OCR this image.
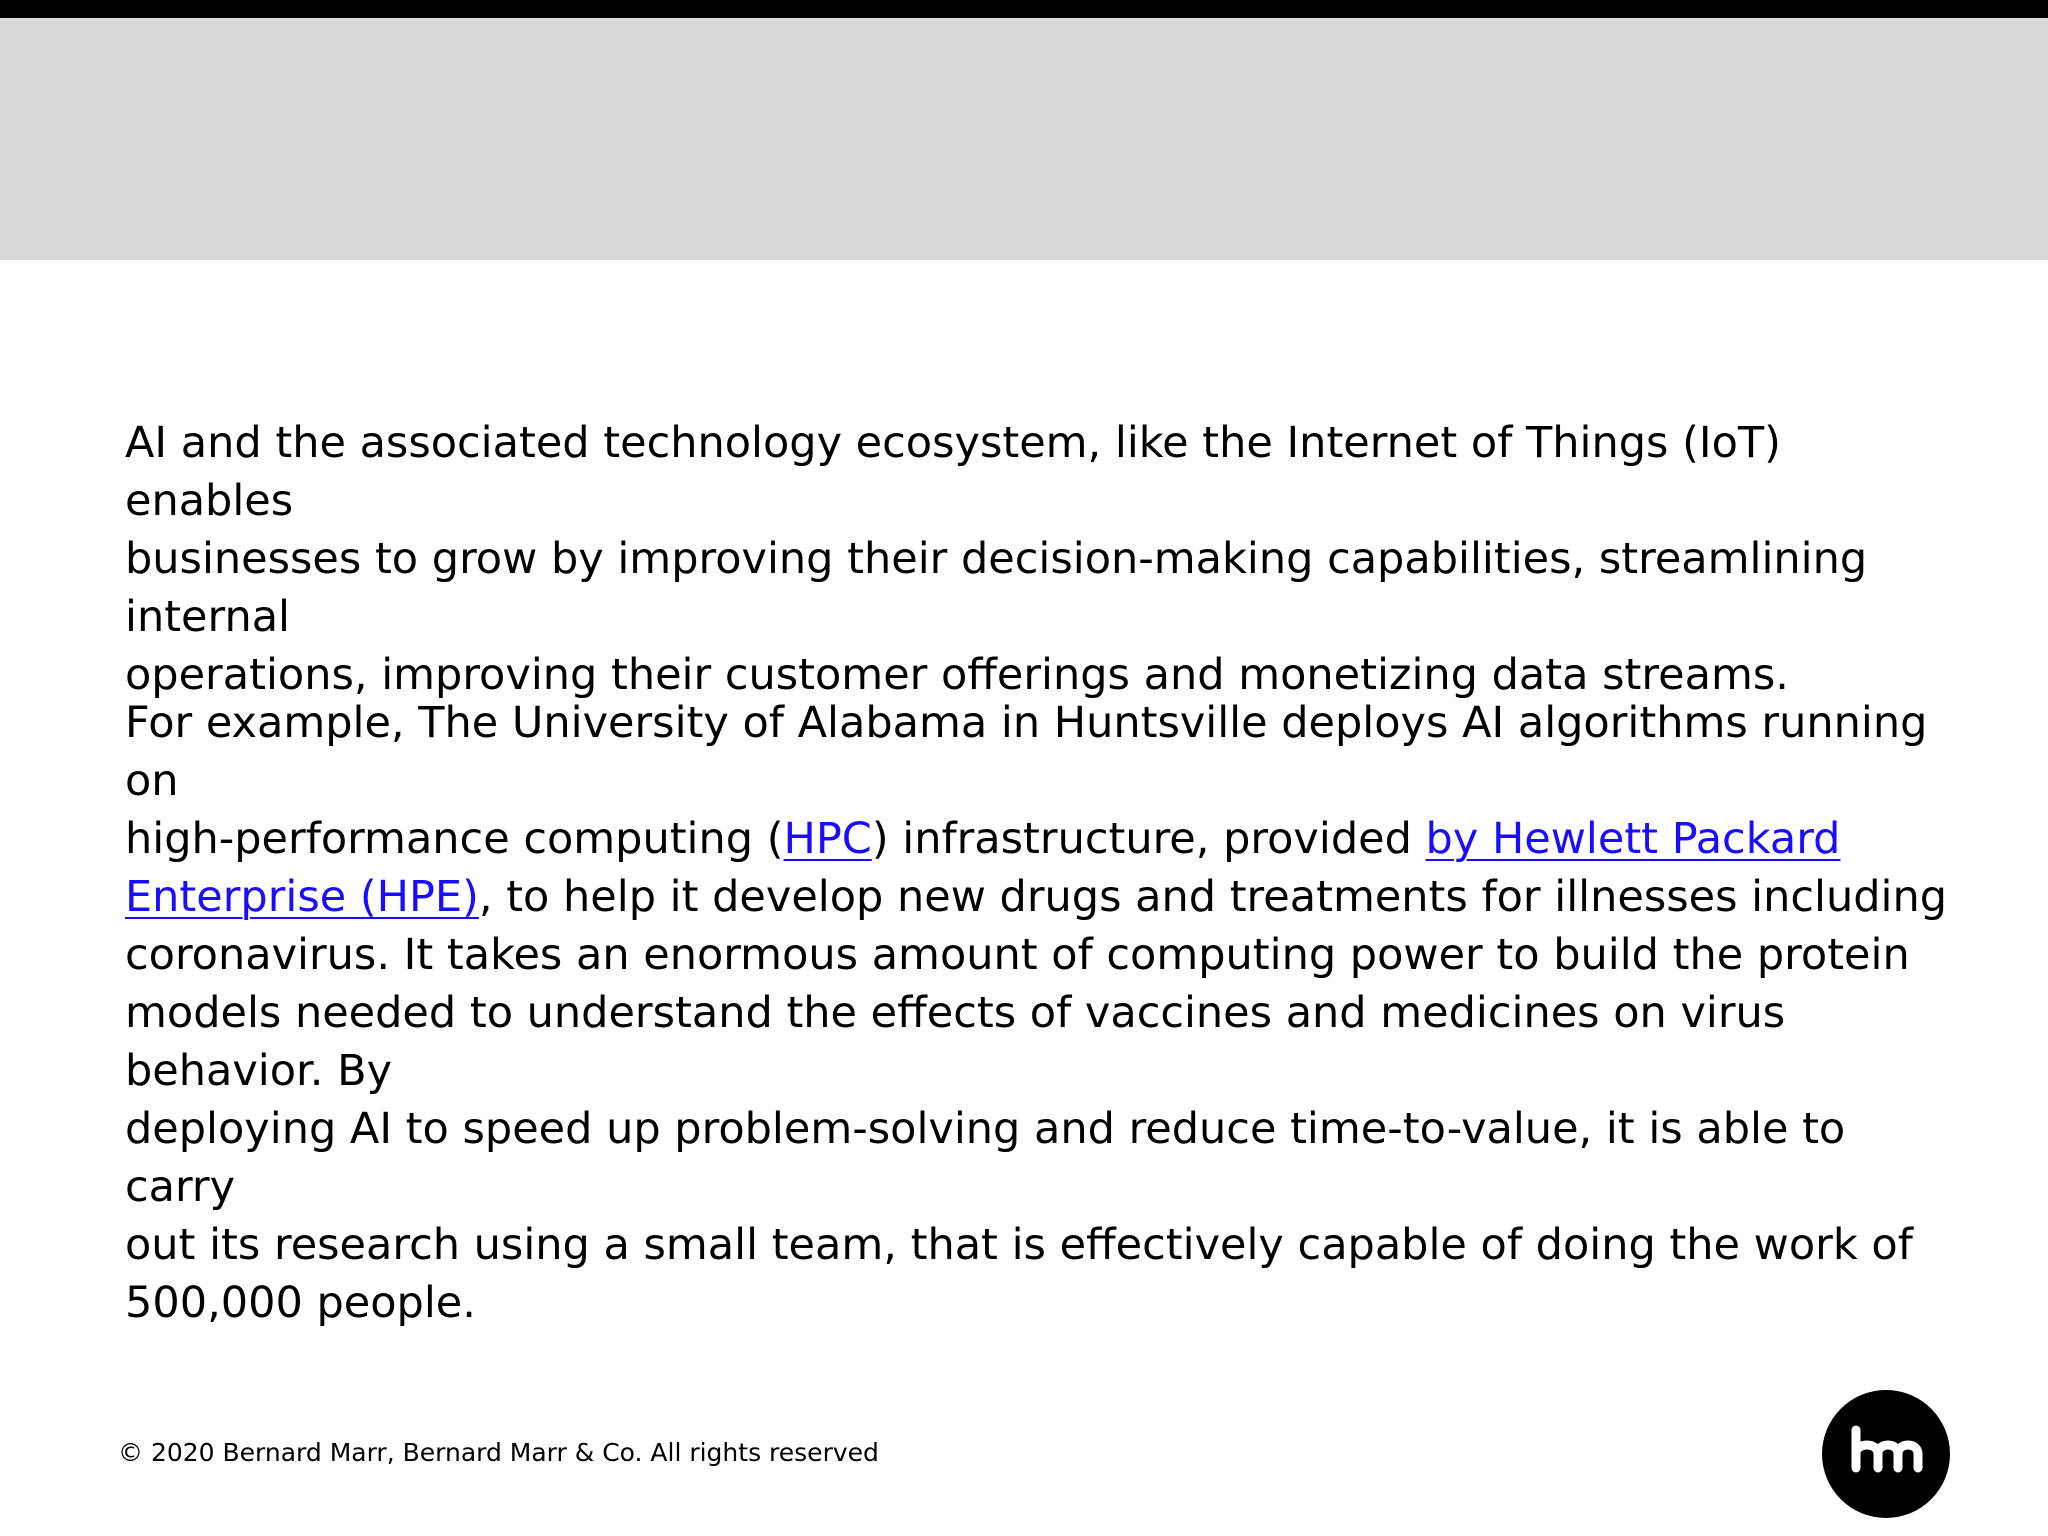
AI and the associated technology ecosystem, like the Internet of Things (IoT) enables
businesses to grow by improving their decision-making capabilities, streamlining internal
operations, improving their customer offerings and monetizing data streams.

For example, The University of Alabama in Huntsville deploys AI algorithms running on
high-performance computing (HPC) infrastructure, provided by Hewlett Packard
Enterprise (HPE), to help it develop new drugs and treatments for illnesses including
coronavirus. It takes an enormous amount of computing power to build the protein
models needed to understand the effects of vaccines and medicines on virus behavior. By
deploying AI to speed up problem-solving and reduce time-to-value, it is able to carry
out its research using a small team, that is effectively capable of doing the work of
500,000 people.

© 2020 Bernard Marr, Bernard Marr & Co. All rights reserved
